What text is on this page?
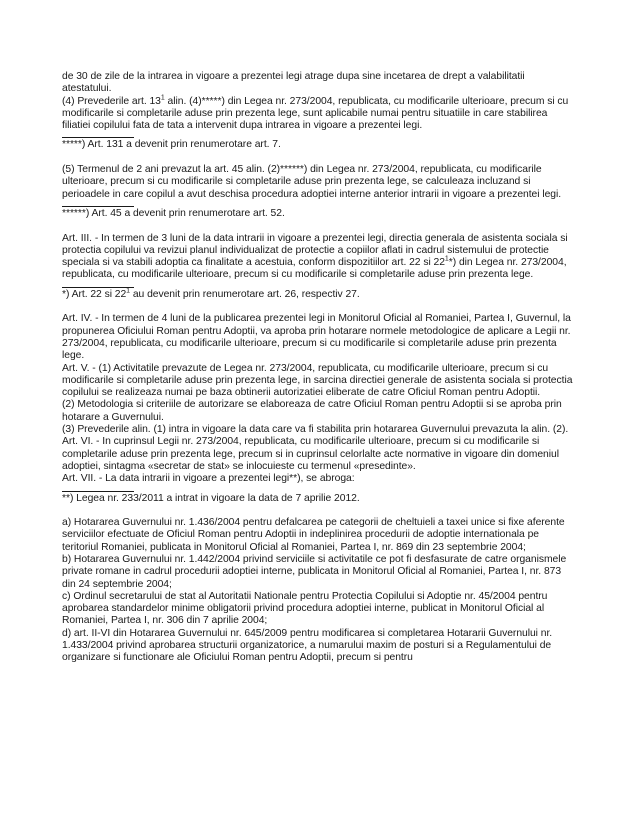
de 30 de zile de la intrarea in vigoare a prezentei legi atrage dupa sine incetarea de drept a valabilitatii atestatului.

(4) Prevederile art. $13^1$ alin. (4)*****) din Legea nr. 273/2004, republicata, cu modificarile ulterioare, precum si cu modificarile si completarile aduse prin prezenta lege, sunt aplicabile numai pentru situatiile in care stabilirea filiatiei copilului fata de tata a intervenit dupa intrarea in vigoare a prezentei legi.

*****) Art. 131 a devenit prin renumerotare art. 7.

(5) Termenul de 2 ani prevazut la art. 45 alin. (2)******) din Legea nr. 273/2004, republicata, cu modificarile ulterioare, precum si cu modificarile si completarile aduse prin prezenta lege, se calculeaza incluzand si perioadele in care copilul a avut deschisa procedura adoptiei interne anterior intrarii in vigoare a prezentei legi.

******) Art. 45 a devenit prin renumerotare art. 52.

Art. III. - In termen de 3 luni de la data intrarii in vigoare a prezentei legi, directia generala de asistenta sociala si protectia copilului va revizui planul individualizat de protectie a copiilor aflati in cadrul sistemului de protectie speciala si va stabili adoptia ca finalitate a acestuia, conform dispozitiilor art. 22 si $22^1*$) din Legea nr. 273/2004, republicata, cu modificarile ulterioare, precum si cu modificarile si completarile aduse prin prezenta lege.

*) Art. 22 si $22^1$ au devenit prin renumerotare art. 26, respectiv 27.

Art. IV. - In termen de 4 luni de la publicarea prezentei legi in Monitorul Oficial al Romaniei, Partea I, Guvernul, la propunerea Oficiului Roman pentru Adoptii, va aproba prin hotarare normele metodologice de aplicare a Legii nr. 273/2004, republicata, cu modificarile ulterioare, precum si cu modificarile si completarile aduse prin prezenta lege.

Art. V. - (1) Activitatile prevazute de Legea nr. 273/2004, republicata, cu modificarile ulterioare, precum si cu modificarile si completarile aduse prin prezenta lege, in sarcina directiei generale de asistenta sociala si protectia copilului se realizeaza numai pe baza obtinerii autorizatiei eliberate de catre Oficiul Roman pentru Adoptii.

(2) Metodologia si criteriile de autorizare se elaboreaza de catre Oficiul Roman pentru Adoptii si se aproba prin hotarare a Guvernului.

(3) Prevederile alin. (1) intra in vigoare la data care va fi stabilita prin hotararea Guvernului prevazuta la alin. (2).

Art. VI. - In cuprinsul Legii nr. 273/2004, republicata, cu modificarile ulterioare, precum si cu modificarile si completarile aduse prin prezenta lege, precum si in cuprinsul celorlalte acte normative in vigoare din domeniul adoptiei, sintagma «secretar de stat» se inlocuieste cu termenul «presedinte».

Art. VII. - La data intrarii in vigoare a prezentei legi**), se abroga:

**) Legea nr. 233/2011 a intrat in vigoare la data de 7 aprilie 2012.

a) Hotararea Guvernului nr. 1.436/2004 pentru defalcarea pe categorii de cheltuieli a taxei unice si fixe aferente serviciilor efectuate de Oficiul Roman pentru Adoptii in indeplinirea procedurii de adoptie internationala pe teritoriul Romaniei, publicata in Monitorul Oficial al Romaniei, Partea I, nr. 869 din 23 septembrie 2004;

b) Hotararea Guvernului nr. 1.442/2004 privind serviciile si activitatile ce pot fi desfasurate de catre organismele private romane in cadrul procedurii adoptiei interne, publicata in Monitorul Oficial al Romaniei, Partea I, nr. 873 din 24 septembrie 2004;

c) Ordinul secretarului de stat al Autoritatii Nationale pentru Protectia Copilului si Adoptie nr. 45/2004 pentru aprobarea standardelor minime obligatorii privind procedura adoptiei interne, publicat in Monitorul Oficial al Romaniei, Partea I, nr. 306 din 7 aprilie 2004;

d) art. II-VI din Hotararea Guvernului nr. 645/2009 pentru modificarea si completarea Hotararii Guvernului nr. 1.433/2004 privind aprobarea structurii organizatorice, a numarului maxim de posturi si a Regulamentului de organizare si functionare ale Oficiului Roman pentru Adoptii, precum si pentru
